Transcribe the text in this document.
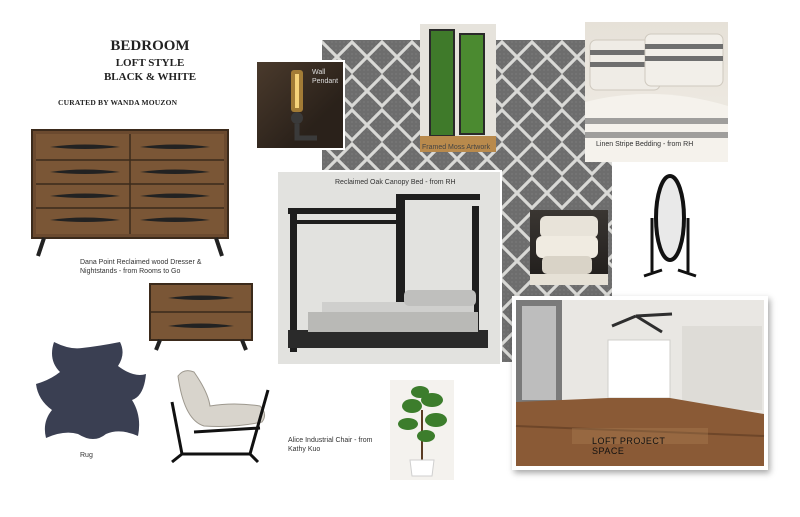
BEDROOM
LOFT STYLE
BLACK & WHITE
CURATED BY WANDA MOUZON
Wall Pendant
Framed Moss Artwork	Linen Stripe Bedding - from RH
Dana Point Reclaimed wood Dresser & Nightstands - from Rooms to Go
Reclaimed Oak Canopy Bed - from RH
LOFT PROJECT SPACE
Rug
Alice Industrial Chair - from Kathy Kuo
